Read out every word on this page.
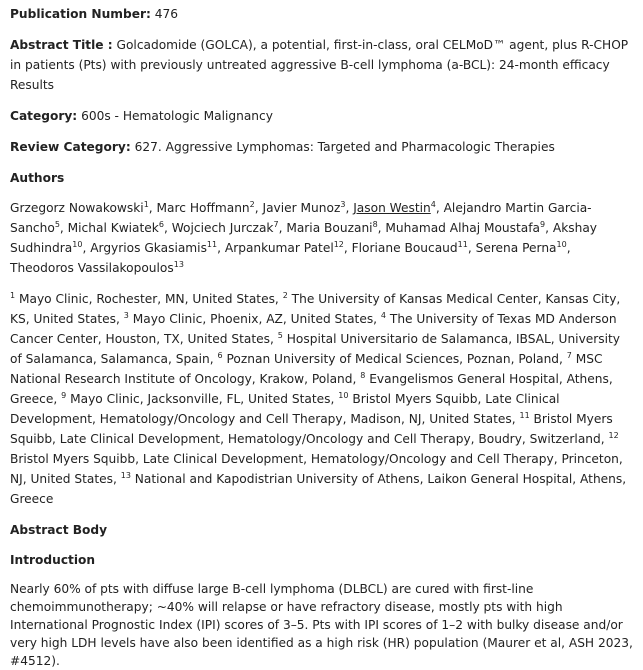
Publication Number: 476
Abstract Title : Golcadomide (GOLCA), a potential, first-in-class, oral CELMoD™ agent, plus R-CHOP in patients (Pts) with previously untreated aggressive B-cell lymphoma (a-BCL): 24-month efficacy Results
Category: 600s - Hematologic Malignancy
Review Category: 627. Aggressive Lymphomas: Targeted and Pharmacologic Therapies
Authors
Grzegorz Nowakowski$^1$, Marc Hoffmann$^2$, Javier Munoz$^3$, Jason Westin$^4$, Alejandro Martin Garcia-Sancho$^5$, Michal Kwiatek$^6$, Wojciech Jurczak$^7$, Maria Bouzani$^8$, Muhamad Alhaj Moustafa$^9$, Akshay Sudhindra$^{10}$, Argyrios Gkasiamis$^{11}$, Arpankumar Patel$^{12}$, Floriane Boucaud$^{11}$, Serena Perna$^{10}$, Theodoros Vassilakopoulos$^{13}$
$^1$ Mayo Clinic, Rochester, MN, United States, $^2$ The University of Kansas Medical Center, Kansas City, KS, United States, $^3$ Mayo Clinic, Phoenix, AZ, United States, $^4$ The University of Texas MD Anderson Cancer Center, Houston, TX, United States, $^5$ Hospital Universitario de Salamanca, IBSAL, University of Salamanca, Salamanca, Spain, $^6$ Poznan University of Medical Sciences, Poznan, Poland, $^7$ MSC National Research Institute of Oncology, Krakow, Poland, $^8$ Evangelismos General Hospital, Athens, Greece, $^9$ Mayo Clinic, Jacksonville, FL, United States, $^{10}$ Bristol Myers Squibb, Late Clinical Development, Hematology/Oncology and Cell Therapy, Madison, NJ, United States, $^{11}$ Bristol Myers Squibb, Late Clinical Development, Hematology/Oncology and Cell Therapy, Boudry, Switzerland, $^{12}$ Bristol Myers Squibb, Late Clinical Development, Hematology/Oncology and Cell Therapy, Princeton, NJ, United States, $^{13}$ National and Kapodistrian University of Athens, Laikon General Hospital, Athens, Greece
Abstract Body
Introduction

Nearly 60% of pts with diffuse large B-cell lymphoma (DLBCL) are cured with first-line chemoimmunotherapy; ~40% will relapse or have refractory disease, mostly pts with high International Prognostic Index (IPI) scores of 3–5. Pts with IPI scores of 1–2 with bulky disease and/or very high LDH levels have also been identified as a high risk (HR) population (Maurer et al, ASH 2023, #4512).
